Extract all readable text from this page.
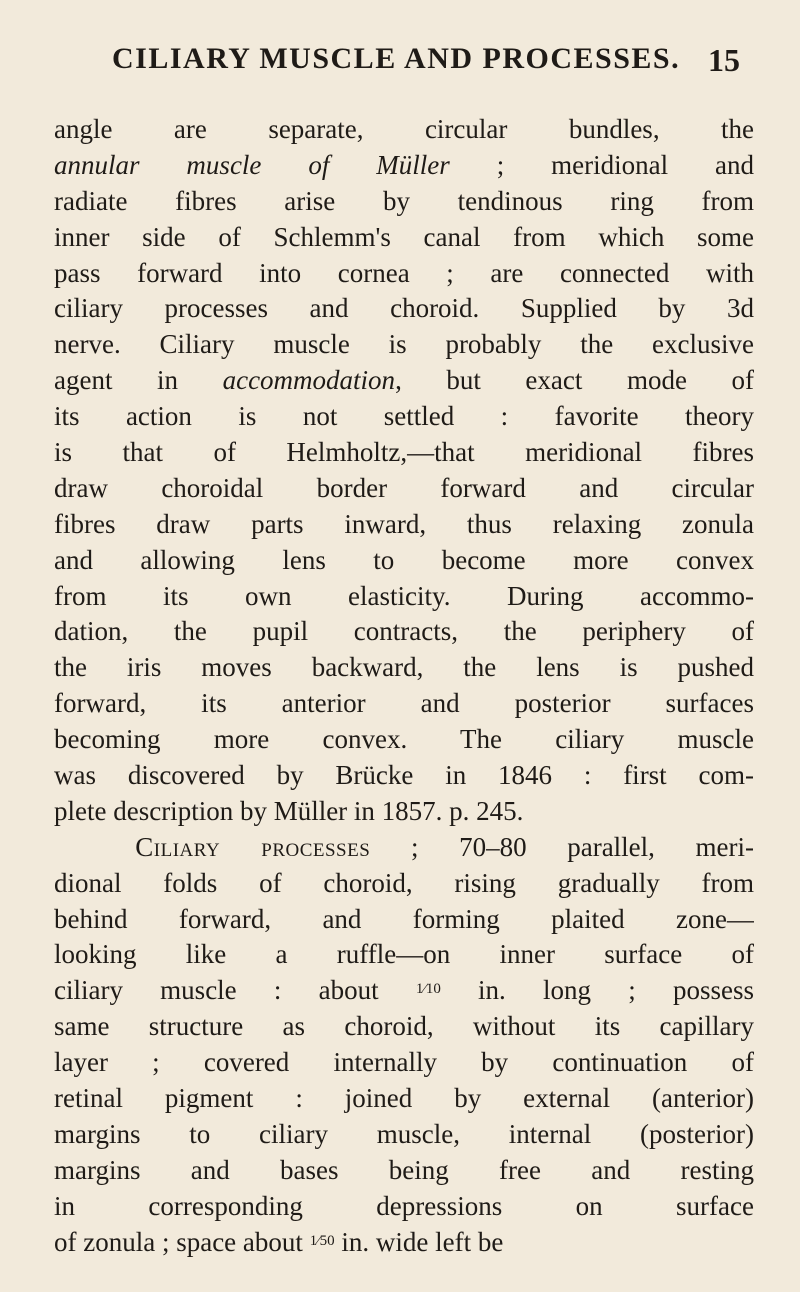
CILIARY MUSCLE AND PROCESSES. 15
angle are separate, circular bundles, the
annular muscle of Müller ; meridional and
radiate fibres arise by tendinous ring from
inner side of Schlemm's canal from which some
pass forward into cornea ; are connected with
ciliary processes and choroid. Supplied by 3d
nerve. Ciliary muscle is probably the exclusive
agent in accommodation, but exact mode of
its action is not settled : favorite theory
is that of Helmholtz,—that meridional fibres
draw choroidal border forward and circular
fibres draw parts inward, thus relaxing zonula
and allowing lens to become more convex
from its own elasticity. During accommo-
dation, the pupil contracts, the periphery of
the iris moves backward, the lens is pushed
forward, its anterior and posterior surfaces
becoming more convex. The ciliary muscle
was discovered by Brücke in 1846 : first com-
plete description by Müller in 1857. p. 245.
Ciliary processes ; 70–80 parallel, meri-
dional folds of choroid, rising gradually from
behind forward, and forming plaited zone—
looking like a ruffle—on inner surface of
ciliary muscle : about 1⁄10 in. long ; possess
same structure as choroid, without its capillary
layer ; covered internally by continuation of
retinal pigment : joined by external (anterior)
margins to ciliary muscle, internal (posterior)
margins and bases being free and resting
in corresponding depressions on surface
of zonula ; space about 1⁄50 in. wide left be
